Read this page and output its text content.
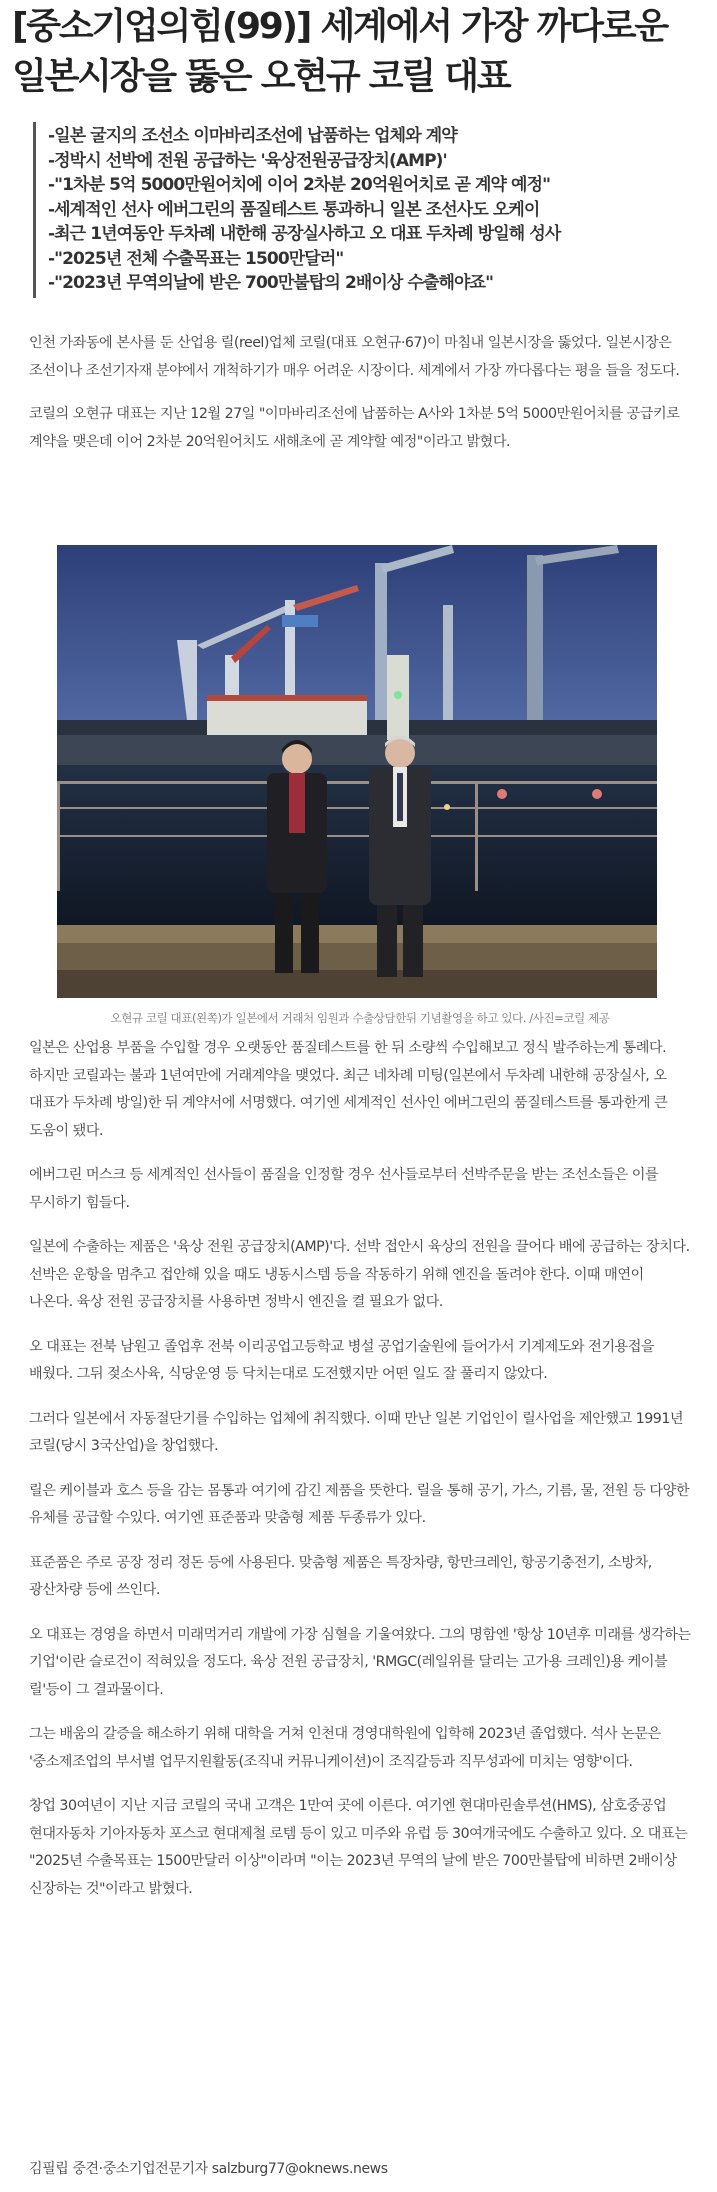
[중소기업의힘(99)] 세계에서 가장 까다로운
일본시장을 뚫은 오현규 코릴 대표
-일본 굴지의 조선소 이마바리조선에 납품하는 업체와 계약
-정박시 선박에 전원 공급하는 '육상전원공급장치(AMP)'
-"1차분 5억 5000만원어치에 이어 2차분 20억원어치로 곧 계약 예정"
-세계적인 선사 에버그린의 품질테스트 통과하니 일본 조선사도 오케이
-최근 1년여동안 두차례 내한해 공장실사하고 오 대표 두차례 방일해 성사
-"2025년 전체 수출목표는 1500만달러"
-"2023년 무역의날에 받은 700만불탑의 2배이상 수출해야죠"

인천 가좌동에 본사를 둔 산업용 릴(reel)업체 코릴(대표 오현규·67)이 마침내 일본시장을 뚫었다. 일본시장은 조선이나 조선기자재 분야에서 개척하기가 매우 어려운 시장이다. 세계에서 가장 까다롭다는 평을 들을 정도다.

코릴의 오현규 대표는 지난 12월 27일 "이마바리조선에 납품하는 A사와 1차분 5억 5000만원어치를 공급키로 계약을 맺은데 이어 2차분 20억원어치도 새해초에 곧 계약할 예정"이라고 밝혔다.

오현규 코릴 대표(왼쪽)가 일본에서 거래처 임원과 수출상담한뒤 기념촬영을 하고 있다. /사진=코릴 제공

일본은 산업용 부품을 수입할 경우 오랫동안 품질테스트를 한 뒤 소량씩 수입해보고 정식 발주하는게 통례다. 하지만 코릴과는 불과 1년여만에 거래계약을 맺었다. 최근 네차례 미팅(일본에서 두차례 내한해 공장실사, 오 대표가 두차례 방일)한 뒤 계약서에 서명했다. 여기엔 세계적인 선사인 에버그린의 품질테스트를 통과한게 큰 도움이 됐다.

에버그린 머스크 등 세계적인 선사들이 품질을 인정할 경우 선사들로부터 선박주문을 받는 조선소들은 이를 무시하기 힘들다.

일본에 수출하는 제품은 '육상 전원 공급장치(AMP)'다. 선박 접안시 육상의 전원을 끌어다 배에 공급하는 장치다. 선박은 운항을 멈추고 접안해 있을 때도 냉동시스템 등을 작동하기 위해 엔진을 돌려야 한다. 이때 매연이 나온다. 육상 전원 공급장치를 사용하면 정박시 엔진을 켤 필요가 없다.

오 대표는 전북 남원고 졸업후 전북 이리공업고등학교 병설 공업기술원에 들어가서 기계제도와 전기용접을 배웠다. 그뒤 젖소사육, 식당운영 등 닥치는대로 도전했지만 어떤 일도 잘 풀리지 않았다.

그러다 일본에서 자동절단기를 수입하는 업체에 취직했다. 이때 만난 일본 기업인이 릴사업을 제안했고 1991년 코릴(당시 3국산업)을 창업했다.

릴은 케이블과 호스 등을 감는 몸통과 여기에 감긴 제품을 뜻한다. 릴을 통해 공기, 가스, 기름, 물, 전원 등 다양한 유체를 공급할 수있다. 여기엔 표준품과 맞춤형 제품 두종류가 있다.

표준품은 주로 공장 정리 정돈 등에 사용된다. 맞춤형 제품은 특장차량, 항만크레인, 항공기충전기, 소방차, 광산차량 등에 쓰인다.

오 대표는 경영을 하면서 미래먹거리 개발에 가장 심혈을 기울여왔다. 그의 명함엔 '항상 10년후 미래를 생각하는 기업'이란 슬로건이 적혀있을 정도다. 육상 전원 공급장치, 'RMGC(레일위를 달리는 고가용 크레인)용 케이블 릴'등이 그 결과물이다.

그는 배움의 갈증을 해소하기 위해 대학을 거쳐 인천대 경영대학원에 입학해 2023년 졸업했다. 석사 논문은 '중소제조업의 부서별 업무지원활동(조직내 커뮤니케이션)이 조직갈등과 직무성과에 미치는 영향'이다.

창업 30여년이 지난 지금 코릴의 국내 고객은 1만여 곳에 이른다. 여기엔 현대마린솔루션(HMS), 삼호중공업 현대자동차 기아자동차 포스코 현대제철 로템 등이 있고 미주와 유럽 등 30여개국에도 수출하고 있다. 오 대표는 "2025년 수출목표는 1500만달러 이상"이라며 "이는 2023년 무역의 날에 받은 700만불탑에 비하면 2배이상 신장하는 것"이라고 밝혔다.

김필립 중견·중소기업전문기자 salzburg77@oknews.news
